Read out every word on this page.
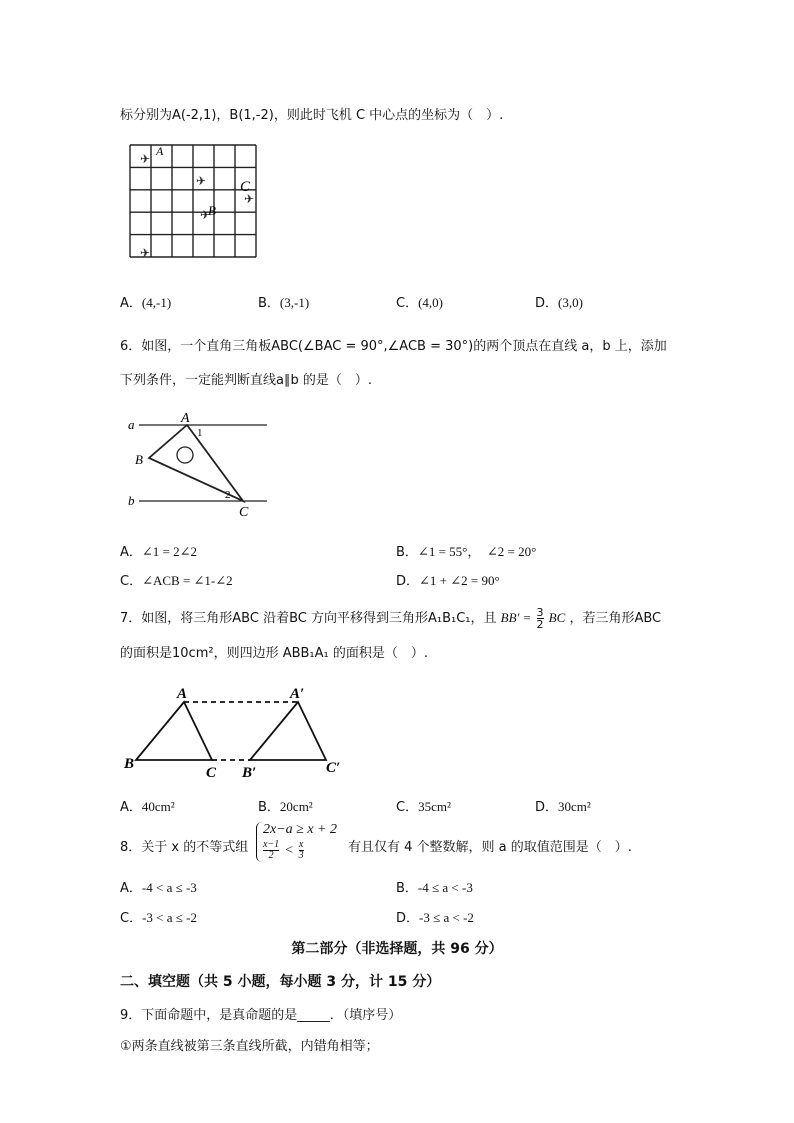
标分别为A(-2,1)，B(1,-2)，则此时飞机 C 中心点的坐标为（　）.
✈
✈
✈
✈
✈
A
B
C
A．(4,-1)	B．(3,-1)	C．(4,0)	D．(3,0)
6．如图，一个直角三角板ABC(∠BAC = 90°,∠ACB = 30°)的两个顶点在直线 a，b 上，添加
下列条件，一定能判断直线a∥b 的是（　）.
a
b
A
B
C
1
2
A．∠1 = 2∠2	B．∠1 = 55°，　∠2 = 20°
C．∠ACB = ∠1-∠2	D．∠1 + ∠2 = 90°
7．如图，将三角形ABC 沿着BC 方向平移得到三角形A₁B₁C₁，且 $BB' = \frac{3}{2}$ BC ，若三角形ABC
的面积是10cm²，则四边形 ABB₁A₁ 的面积是（　）.
A	A′
B
C B′	C′
A．40cm²	B．20cm²	C．35cm²	D．30cm²
8．关于 x 的不等式组
2x−a ≥ x + 2
x−1
2 < x
3
有且仅有 4 个整数解，则 a 的取值范围是（　）.
A．-4 < a ≤ -3	B．-4 ≤ a < -3
C．-3 < a ≤ -2	D．-3 ≤ a < -2
第二部分（非选择题，共 96 分）
二、填空题（共 5 小题，每小题 3 分，计 15 分）
9．下面命题中，是真命题的是_____．（填序号）
①两条直线被第三条直线所截，内错角相等；
